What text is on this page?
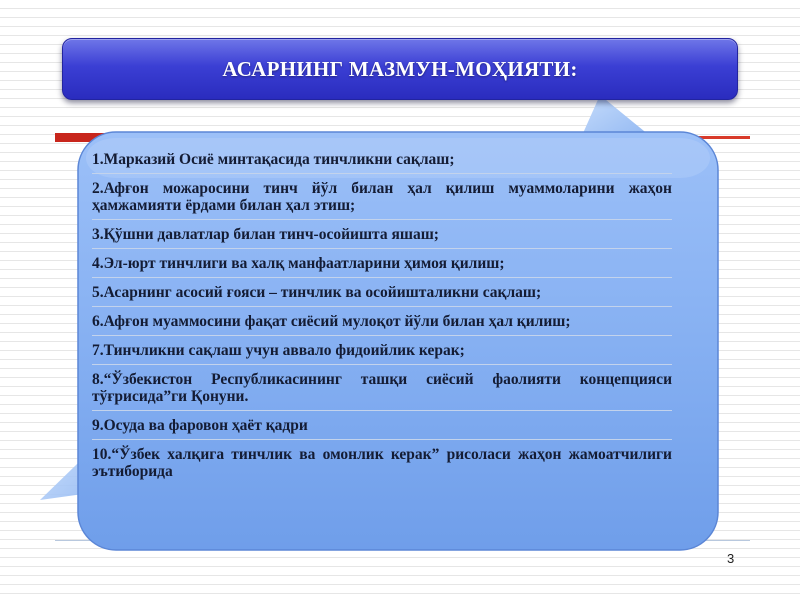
АСАРНИНГ МАЗМУН-МОҲИЯТИ:
1.Марказий Осиё минтақасида тинчликни сақлаш;
2.Афғон можаросини тинч йўл билан ҳал қилиш муаммоларини жаҳон ҳамжамияти ёрдами билан ҳал этиш;
3.Қўшни давлатлар билан тинч-осойишта яшаш;
4.Эл-юрт тинчлиги ва халқ манфаатларини ҳимоя қилиш;
5.Асарнинг асосий ғояси – тинчлик ва осойишталикни сақлаш;
6.Афғон муаммосини фақат сиёсий мулоқот йўли билан ҳал қилиш;
7.Тинчликни сақлаш учун аввало фидоийлик керак;
8.“Ўзбекистон Республикасининг ташқи сиёсий фаолияти концепцияси тўғрисида”ги Қонуни.
9.Осуда ва фаровон ҳаёт қадри
10.“Ўзбек халқига тинчлик ва омонлик керак” рисоласи жаҳон жамоатчилиги эътиборида
3
